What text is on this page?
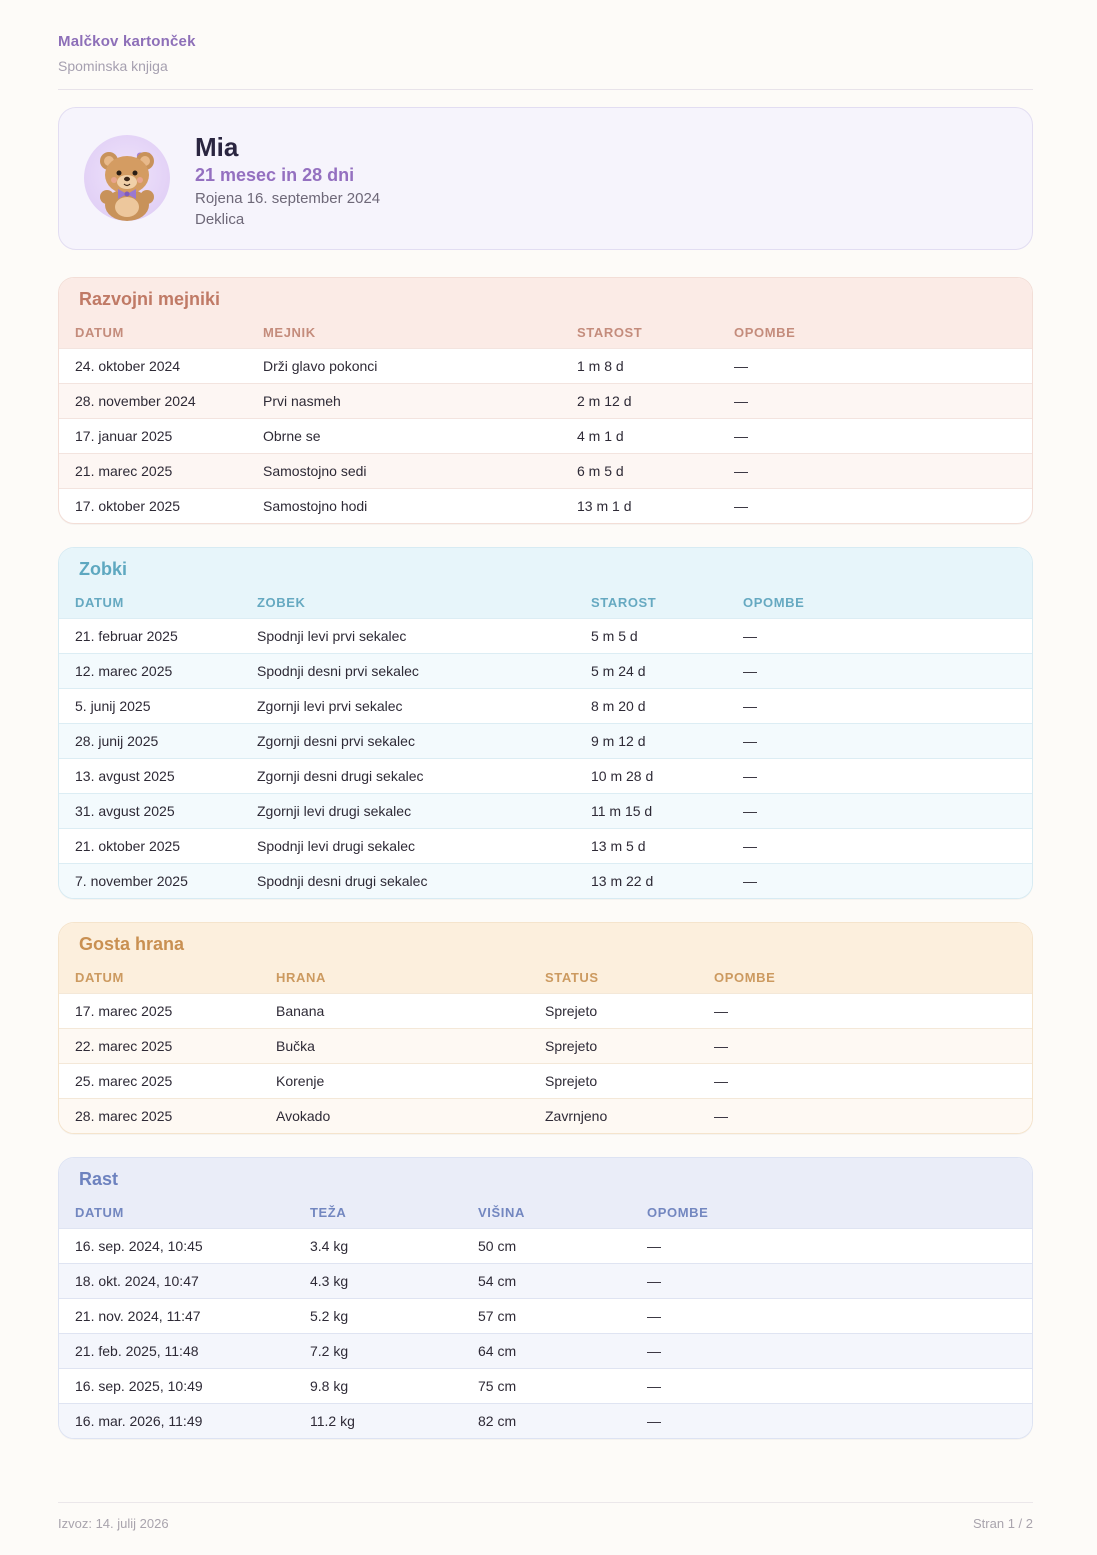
Malčkov kartonček
Spominska knjiga
Mia
21 mesec in 28 dni
Rojena 16. september 2024
Deklica
Razvojni mejniki
DATUM	MEJNIK	STAROST	OPOMBE
24. oktober 2024	Drži glavo pokonci	1 m 8 d	—
28. november 2024	Prvi nasmeh	2 m 12 d	—
17. januar 2025	Obrne se	4 m 1 d	—
21. marec 2025	Samostojno sedi	6 m 5 d	—
17. oktober 2025	Samostojno hodi	13 m 1 d	—
Zobki
DATUM	ZOBEK	STAROST	OPOMBE
21. februar 2025	Spodnji levi prvi sekalec	5 m 5 d	—
12. marec 2025	Spodnji desni prvi sekalec	5 m 24 d	—
5. junij 2025	Zgornji levi prvi sekalec	8 m 20 d	—
28. junij 2025	Zgornji desni prvi sekalec	9 m 12 d	—
13. avgust 2025	Zgornji desni drugi sekalec	10 m 28 d	—
31. avgust 2025	Zgornji levi drugi sekalec	11 m 15 d	—
21. oktober 2025	Spodnji levi drugi sekalec	13 m 5 d	—
7. november 2025	Spodnji desni drugi sekalec	13 m 22 d	—
Gosta hrana
DATUM	HRANA	STATUS	OPOMBE
17. marec 2025	Banana	Sprejeto	—
22. marec 2025	Bučka	Sprejeto	—
25. marec 2025	Korenje	Sprejeto	—
28. marec 2025	Avokado	Zavrnjeno	—
Rast
DATUM	TEŽA	VIŠINA	OPOMBE
16. sep. 2024, 10:45	3.4 kg	50 cm	—
18. okt. 2024, 10:47	4.3 kg	54 cm	—
21. nov. 2024, 11:47	5.2 kg	57 cm	—
21. feb. 2025, 11:48	7.2 kg	64 cm	—
16. sep. 2025, 10:49	9.8 kg	75 cm	—
16. mar. 2026, 11:49	11.2 kg	82 cm	—
Izvoz: 14. julij 2026	Stran 1 / 2
